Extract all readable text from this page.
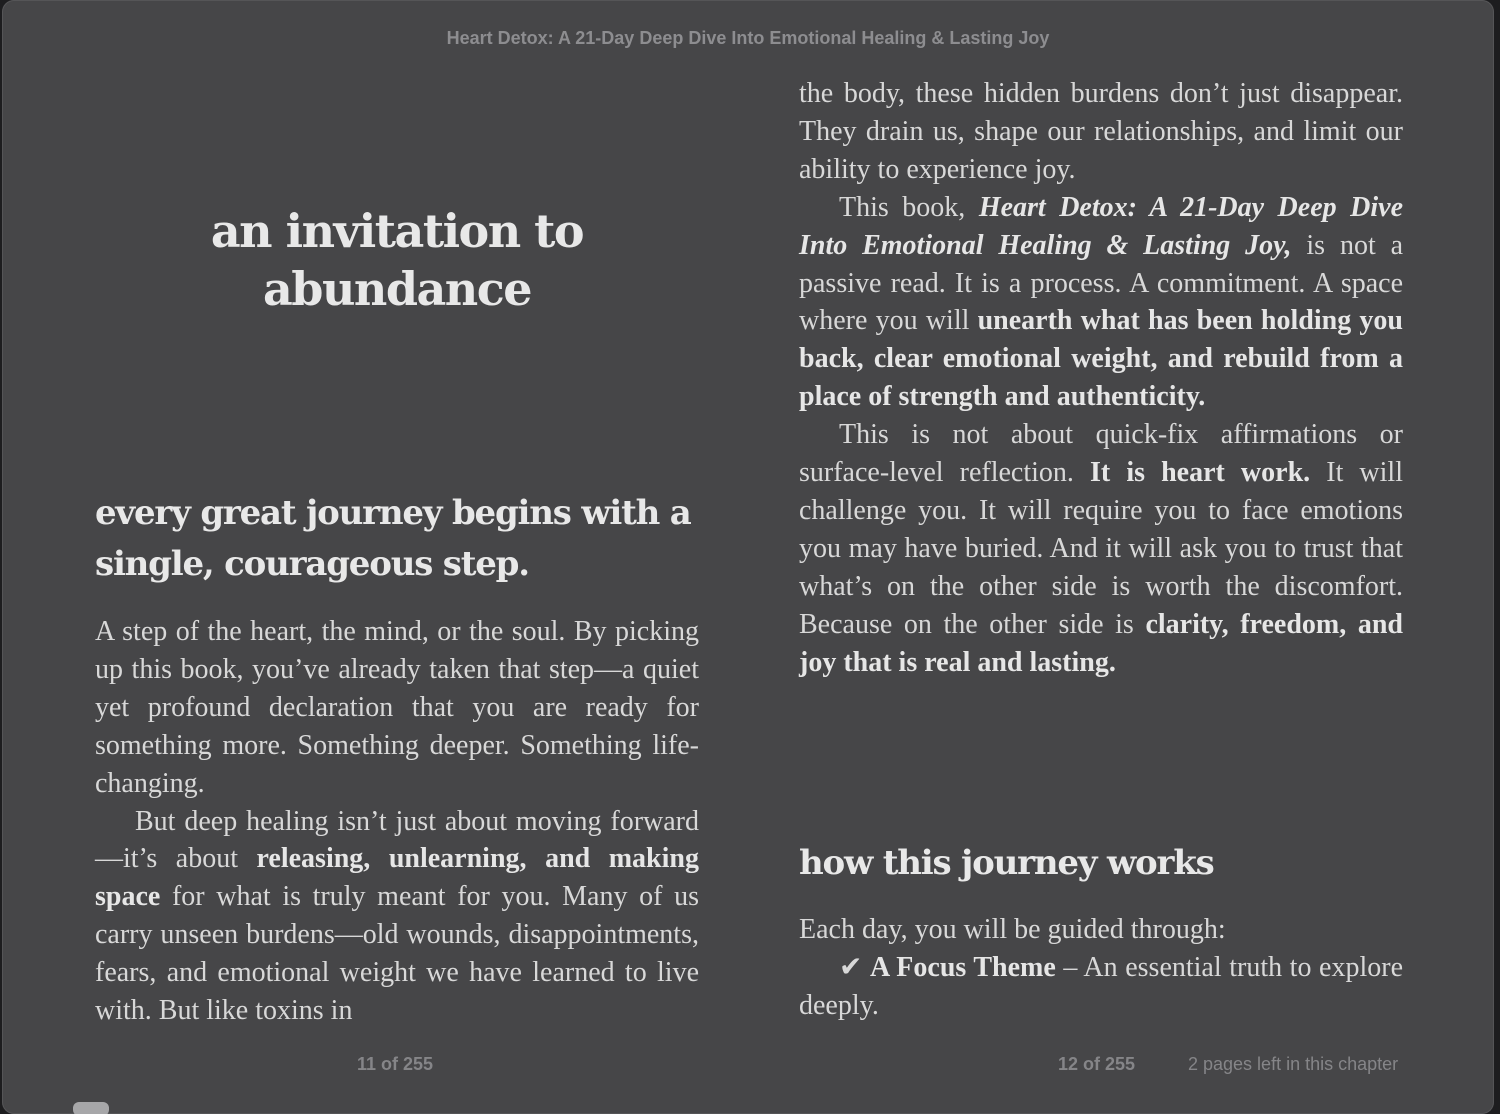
Heart Detox: A 21-Day Deep Dive Into Emotional Healing & Lasting Joy
an invitation to
abundance
every great journey begins with a
single, courageous step.

A step of the heart, the mind, or the soul. By picking up this book, you’ve already taken that step—a quiet yet profound declaration that you are ready for something more. Something deeper. Something life-changing.

But deep healing isn’t just about moving forward—it’s about releasing, unlearning, and making space for what is truly meant for you. Many of us carry unseen burdens—old wounds, disappointments, fears, and emotional weight we have learned to live with. But like toxins in

the body, these hidden burdens don’t just disappear. They drain us, shape our relationships, and limit our ability to experience joy.

This book, Heart Detox: A 21-Day Deep Dive Into Emotional Healing & Lasting Joy, is not a passive read. It is a process. A commitment. A space where you will unearth what has been holding you back, clear emotional weight, and rebuild from a place of strength and authenticity.

This is not about quick-fix affirmations or surface-level reflection. It is heart work. It will challenge you. It will require you to face emotions you may have buried. And it will ask you to trust that what’s on the other side is worth the discomfort. Because on the other side is clarity, freedom, and joy that is real and lasting.

how this journey works

Each day, you will be guided through:

✔ A Focus Theme – An essential truth to explore deeply.

11 of 255	12 of 255	2 pages left in this chapter
